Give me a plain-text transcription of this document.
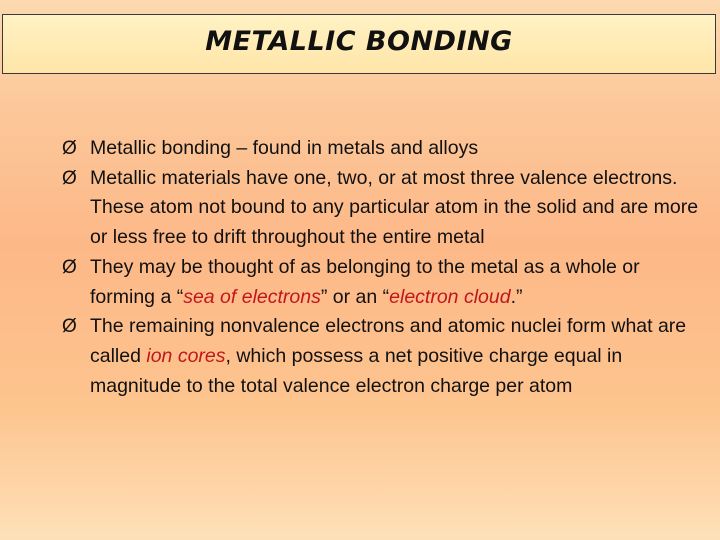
METALLIC BONDING
Ø Metallic bonding – found in metals and alloys
Ø Metallic materials have one, two, or at most three valence electrons. These atom not bound to any particular atom in the solid and are more or less free to drift throughout the entire metal
Ø They may be thought of as belonging to the metal as a whole or forming a “sea of electrons” or an “electron cloud.”
Ø The remaining nonvalence electrons and atomic nuclei form what are called ion cores, which possess a net positive charge equal in magnitude to the total valence electron charge per atom
